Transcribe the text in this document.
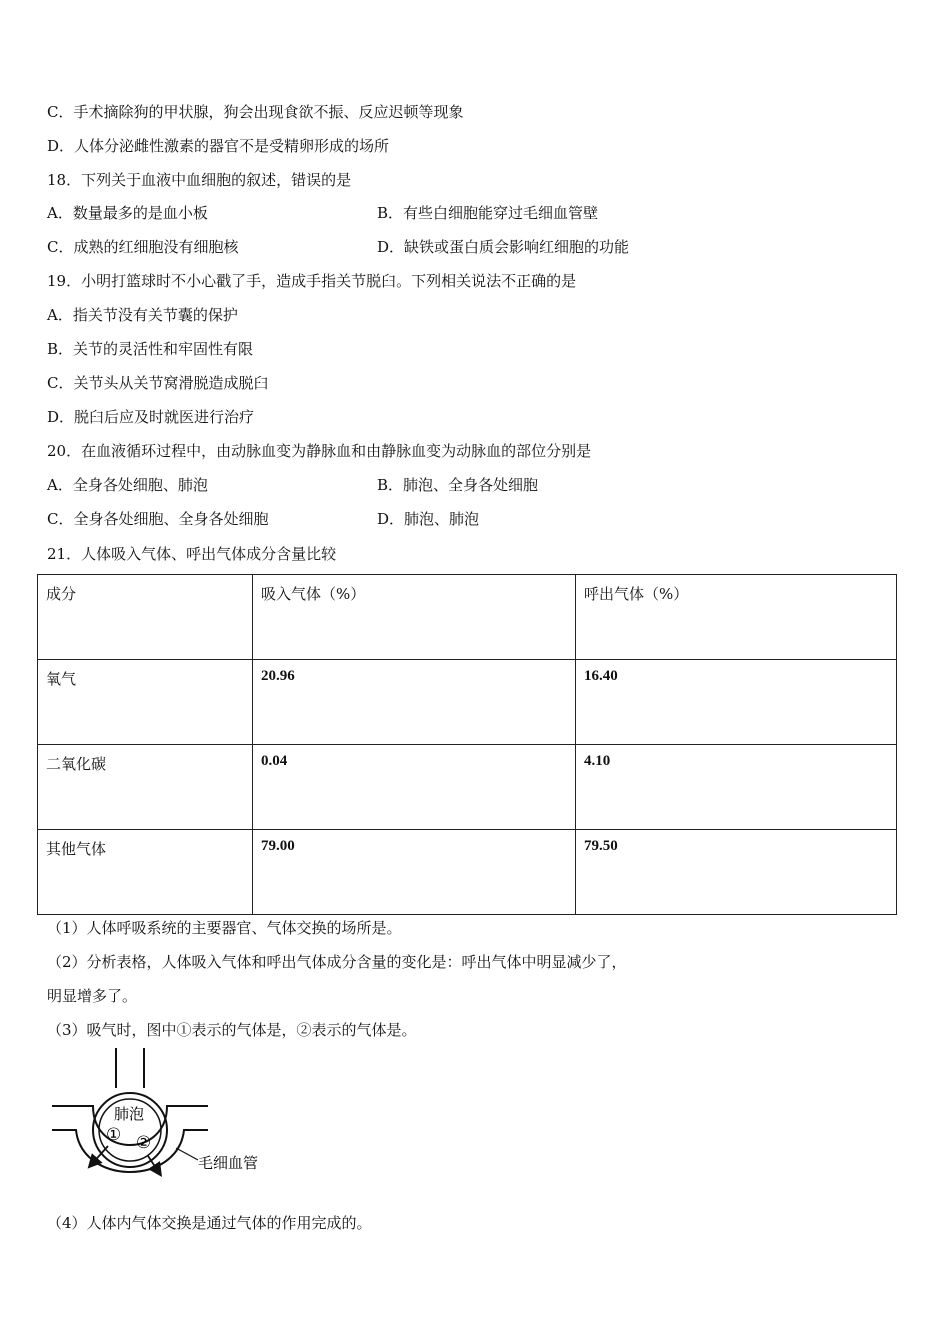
C．手术摘除狗的甲状腺，狗会出现食欲不振、反应迟顿等现象
D．人体分泌雌性激素的器官不是受精卵形成的场所
18．下列关于血液中血细胞的叙述，错误的是
A．数量最多的是血小板	B．有些白细胞能穿过毛细血管壁
C．成熟的红细胞没有细胞核	D．缺铁或蛋白质会影响红细胞的功能
19．小明打篮球时不小心戳了手，造成手指关节脱臼。下列相关说法不正确的是
A．指关节没有关节囊的保护
B．关节的灵活性和牢固性有限
C．关节头从关节窝滑脱造成脱臼
D．脱臼后应及时就医进行治疗
20．在血液循环过程中，由动脉血变为静脉血和由静脉血变为动脉血的部位分别是
A．全身各处细胞、肺泡	B．肺泡、全身各处细胞
C．全身各处细胞、全身各处细胞	D．肺泡、肺泡
21．人体吸入气体、呼出气体成分含量比较
成分	吸入气体（%）	呼出气体（%）
氧气	20.96	16.40
二氧化碳	0.04	4.10
其他气体	79.00	79.50
（1）人体呼吸系统的主要器官、气体交换的场所是。
（2）分析表格，人体吸入气体和呼出气体成分含量的变化是：呼出气体中明显减少了，
明显增多了。
（3）吸气时，图中①表示的气体是，②表示的气体是。
肺泡
① ②
毛细血管
（4）人体内气体交换是通过气体的作用完成的。
